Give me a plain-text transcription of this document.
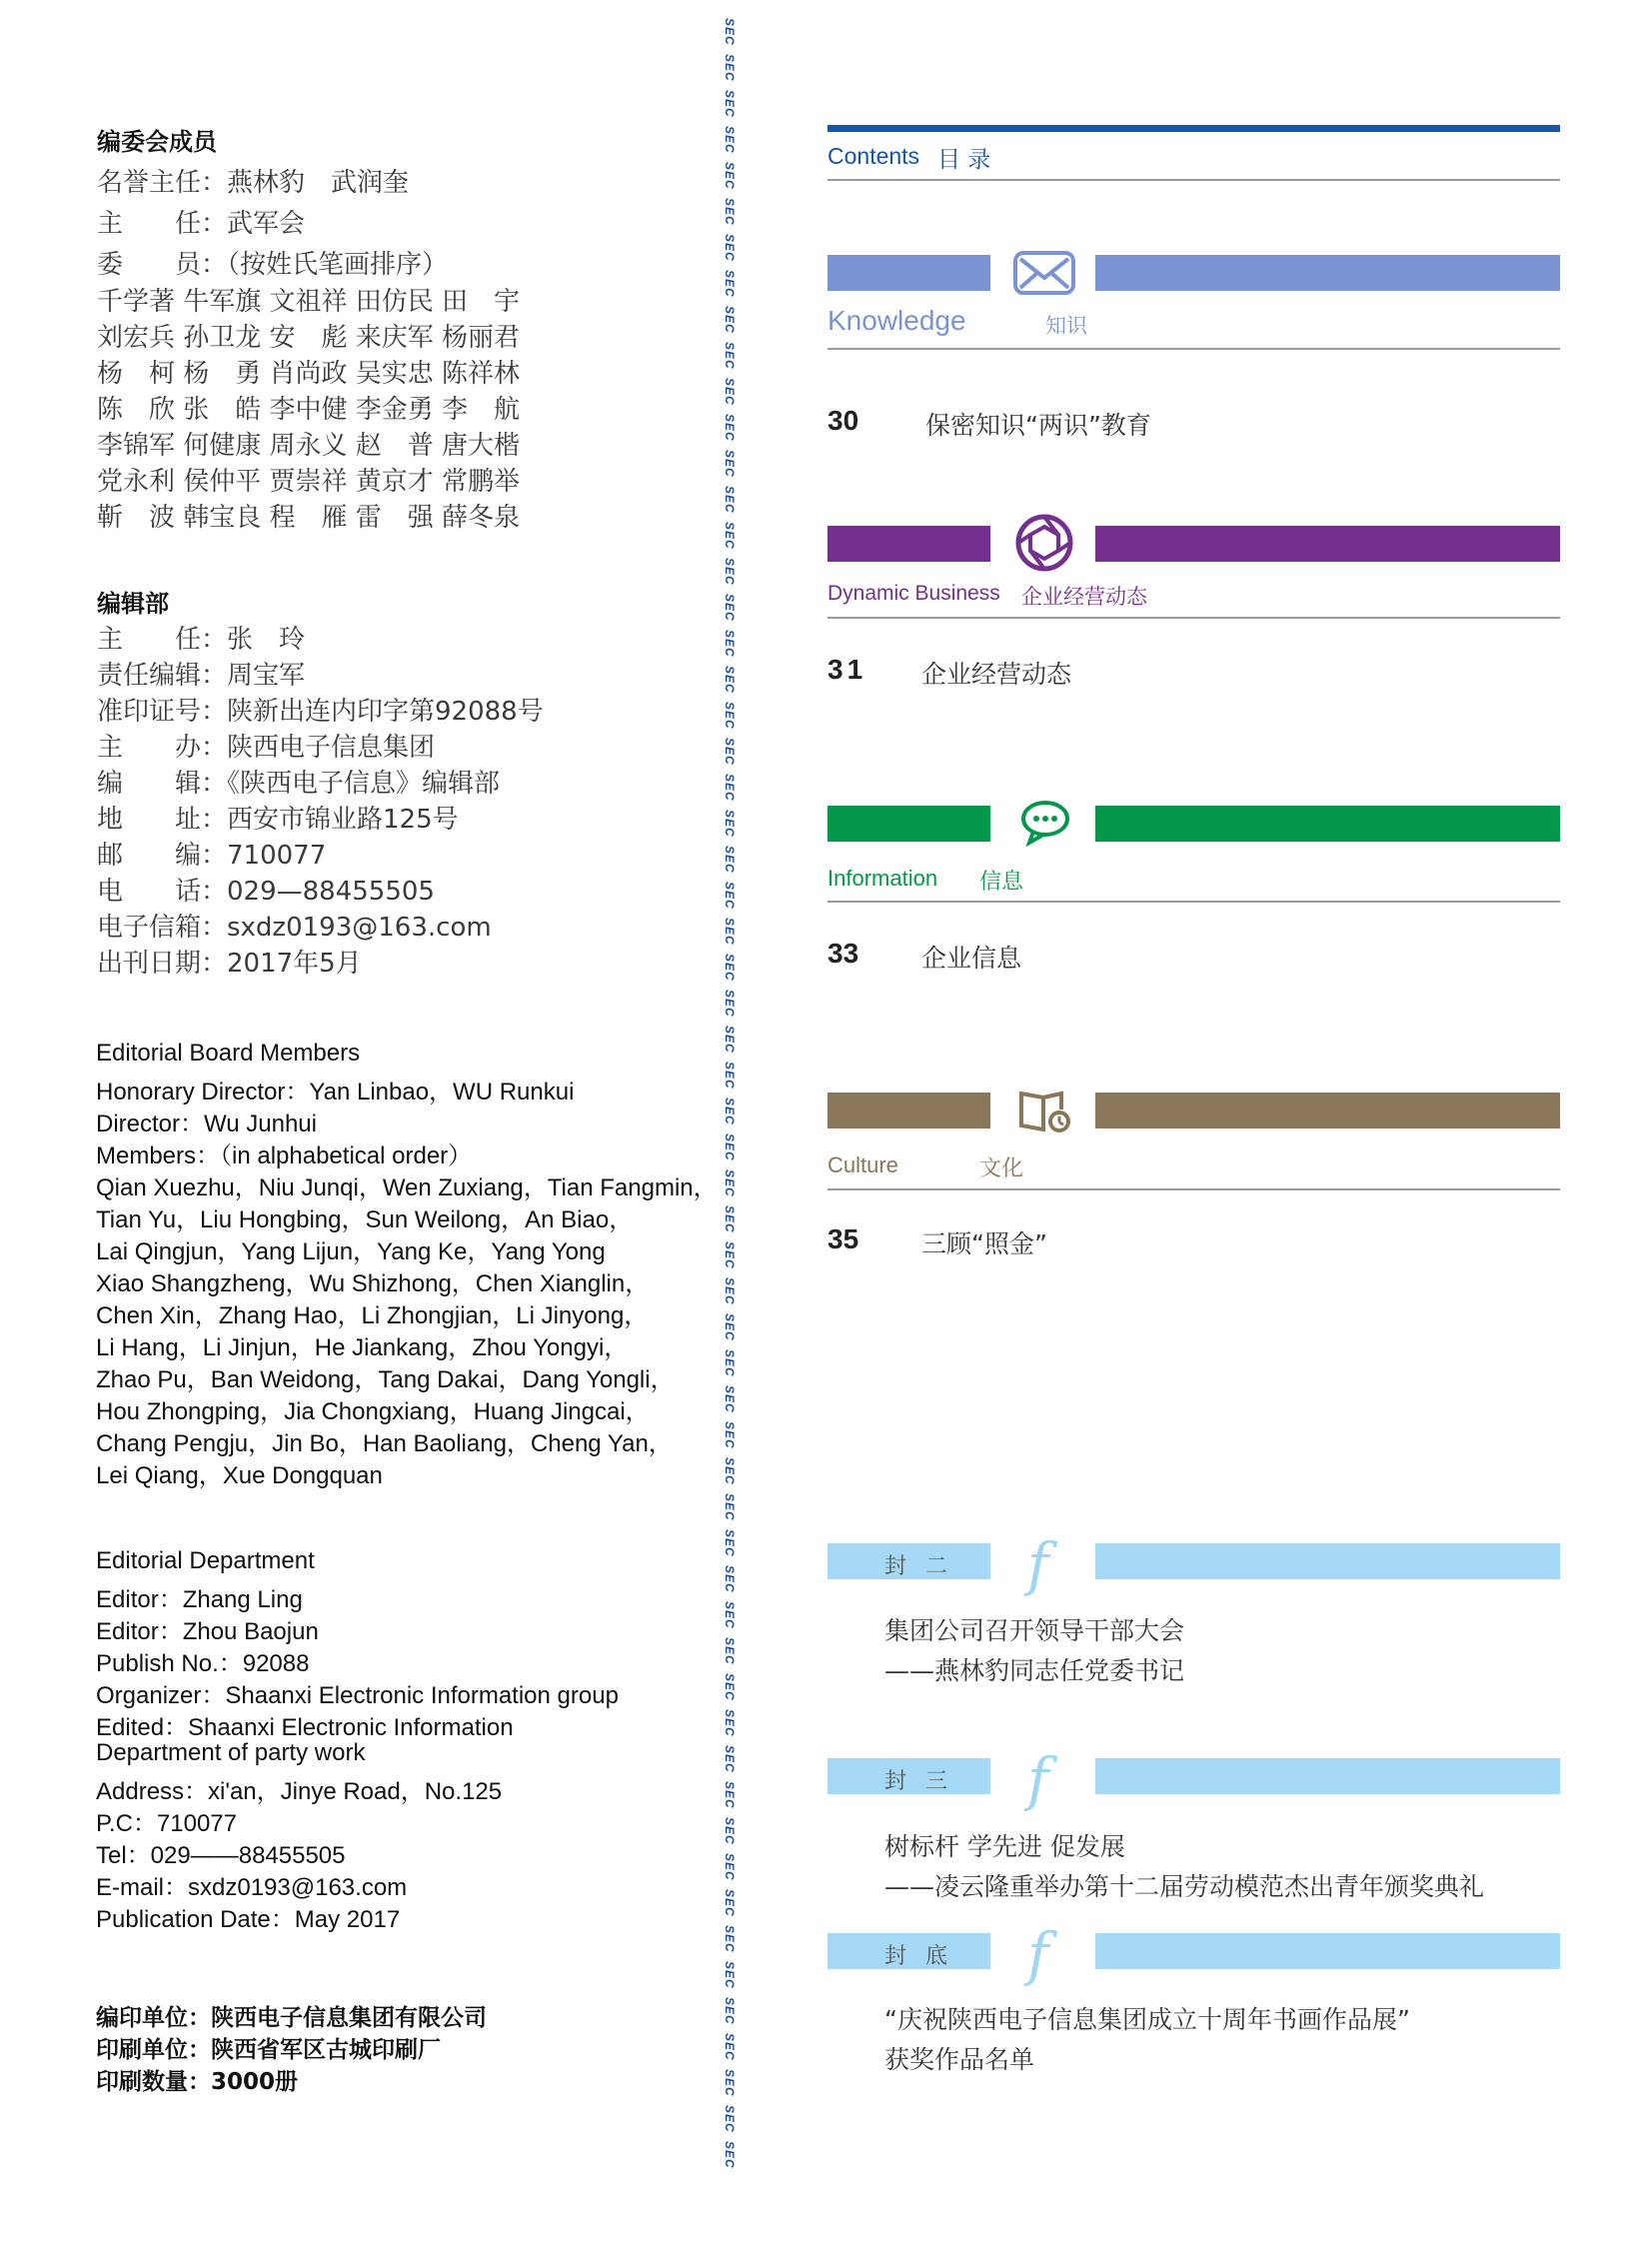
编委会成员
名誉主任：燕林豹　武润奎
主　　任：武军会
委　　员：（按姓氏笔画排序）
千学著 牛军旗 文祖祥 田仿民 田　宇
刘宏兵 孙卫龙 安　彪 来庆军 杨丽君
杨　柯 杨　勇 肖尚政 吴实忠 陈祥林
陈　欣 张　皓 李中健 李金勇 李　航
李锦军 何健康 周永义 赵　普 唐大楷
党永利 侯仲平 贾崇祥 黄京才 常鹏举
靳　波 韩宝良 程　雁 雷　强 薛冬泉
编辑部
主　　任：张　玲
责任编辑：周宝军
准印证号：陕新出连内印字第92088号
主　　办：陕西电子信息集团
编　　辑：《陕西电子信息》编辑部
地　　址：西安市锦业路125号
邮　　编：710077
电　　话：029—88455505
电子信箱：sxdz0193@163.com
出刊日期：2017年5月
Editorial Board Members
Honorary Director：Yan Linbao，WU Runkui
Director：Wu Junhui
Members：（in alphabetical order）
Qian Xuezhu，Niu Junqi，Wen Zuxiang，Tian Fangmin，
Tian Yu，Liu Hongbing，Sun Weilong，An Biao，
Lai Qingjun，Yang Lijun，Yang Ke，Yang Yong
Xiao Shangzheng，Wu Shizhong，Chen Xianglin，
Chen Xin，Zhang Hao，Li Zhongjian，Li Jinyong，
Li Hang，Li Jinjun，He Jiankang，Zhou Yongyi，
Zhao Pu，Ban Weidong，Tang Dakai，Dang Yongli，
Hou Zhongping，Jia Chongxiang，Huang Jingcai，
Chang Pengju，Jin Bo，Han Baoliang，Cheng Yan，
Lei Qiang，Xue Dongquan
Editorial Department
Editor：Zhang Ling
Editor：Zhou Baojun
Publish No.：92088
Organizer：Shaanxi Electronic Information group
Edited：Shaanxi Electronic Information
Department of party work
Address：xi'an，Jinye Road，No.125
P.C：710077
Tel：029——88455505
E-mail：sxdz0193@163.com
Publication Date：May 2017
编印单位：陕西电子信息集团有限公司
印刷单位：陕西省军区古城印刷厂
印刷数量：3000册
SEC
SEC
SEC
SEC
SEC
SEC
SEC
SEC
SEC
SEC
SEC
SEC
SEC
SEC
SEC
SEC
SEC
SEC
SEC
SEC
SEC
SEC
SEC
SEC
SEC
SEC
SEC
SEC
SEC
SEC
SEC
SEC
SEC
SEC
SEC
SEC
SEC
SEC
SEC
SEC
SEC
SEC
SEC
SEC
SEC
SEC
SEC
SEC
SEC
SEC
SEC
SEC
SEC
SEC
SEC
SEC
SEC
SEC
SEC
SEC
Contents 目 录
Knowledge	知识
30	保密知识“两识”教育
Dynamic Business 企业经营动态
31 企业经营动态
Information 信息
33	企业信息
Culture	文化
35	三顾“照金”
封 二 f
集团公司召开领导干部大会
——燕林豹同志任党委书记
封 三 f
树标杆 学先进 促发展
——凌云隆重举办第十二届劳动模范杰出青年颁奖典礼
封 底 f
“庆祝陕西电子信息集团成立十周年书画作品展”
获奖作品名单
